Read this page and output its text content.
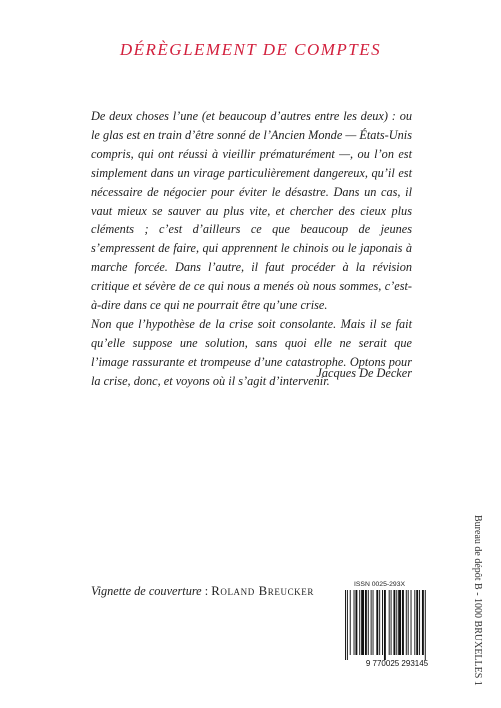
DÉRÈGLEMENT DE COMPTES

De deux choses l’une (et beaucoup d’autres entre les deux) : ou le glas est en train d’être sonné de l’Ancien Monde — États-Unis compris, qui ont réussi à vieillir prématurément —, ou l’on est simplement dans un virage particulièrement dangereux, qu’il est nécessaire de négocier pour éviter le désastre. Dans un cas, il vaut mieux se sauver au plus vite, et chercher des cieux plus cléments ; c’est d’ailleurs ce que beaucoup de jeunes s’empressent de faire, qui apprennent le chinois ou le japonais à marche forcée. Dans l’autre, il faut procéder à la révision critique et sévère de ce qui nous a menés où nous sommes, c’est-à-dire dans ce qui ne pourrait être qu’une crise.

Non que l’hypothèse de la crise soit consolante. Mais il se fait qu’elle suppose une solution, sans quoi elle ne serait que l’image rassurante et trompeuse d’une catastrophe. Optons pour la crise, donc, et voyons où il s’agit d’intervenir.

Jacques De Decker
Bureau de dépôt B - 1000 BRUXELLES 1
Vignette de couverture : Roland Breucker	ISSN 0025-293X
9 770025 293145
